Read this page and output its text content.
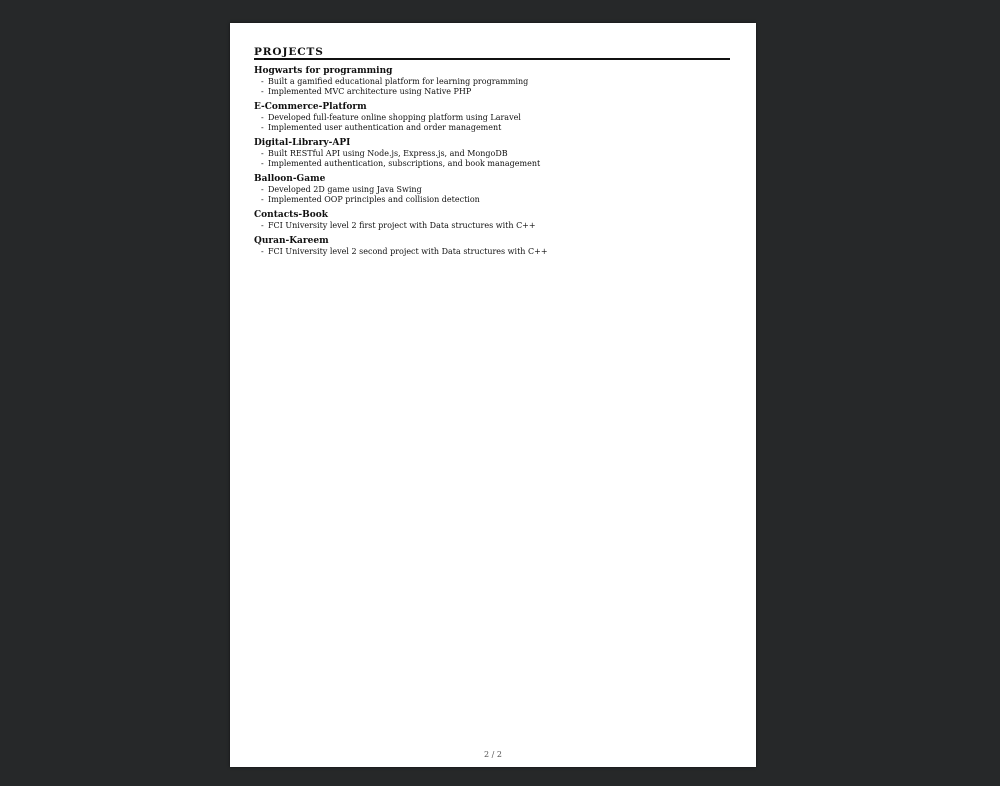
PROJECTS
Hogwarts for programming
- Built a gamified educational platform for learning programming
- Implemented MVC architecture using Native PHP
E-Commerce-Platform
- Developed full-feature online shopping platform using Laravel
- Implemented user authentication and order management
Digital-Library-API
- Built RESTful API using Node.js, Express.js, and MongoDB
- Implemented authentication, subscriptions, and book management
Balloon-Game
- Developed 2D game using Java Swing
- Implemented OOP principles and collision detection
Contacts-Book
- FCI University level 2 first project with Data structures with C++
Quran-Kareem
- FCI University level 2 second project with Data structures with C++
2 / 2
